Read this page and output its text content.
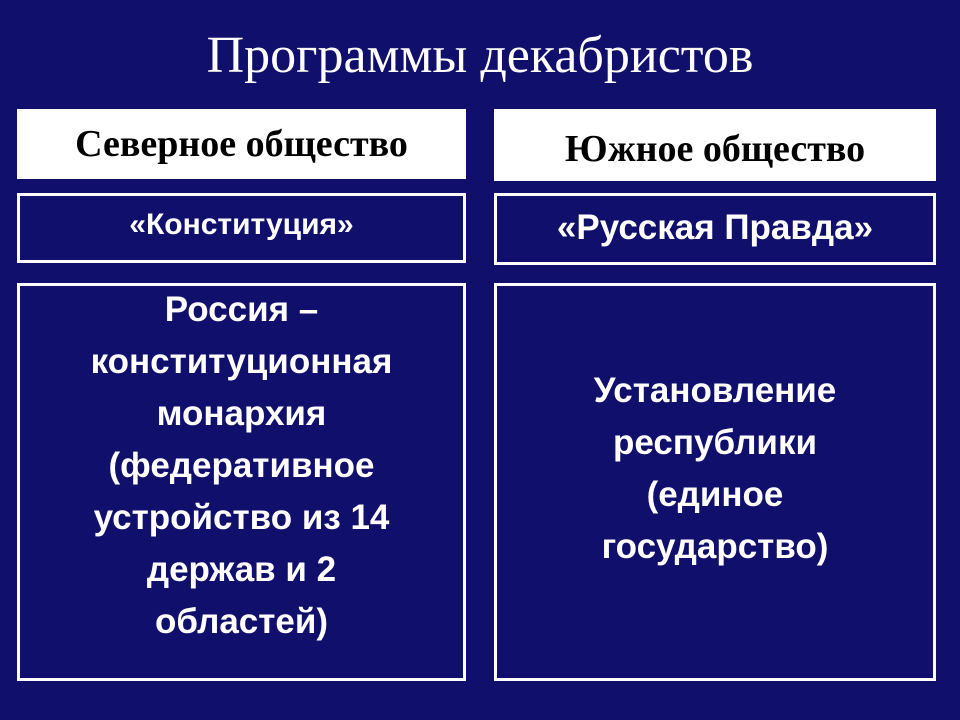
Программы декабристов
Северное общество	Южное общество
«Конституция»	«Русская Правда»
Россия –
конституционная
монархия
(федеративное
устройство из 14
держав и 2
областей)
Установление
республики
(единое
государство)
